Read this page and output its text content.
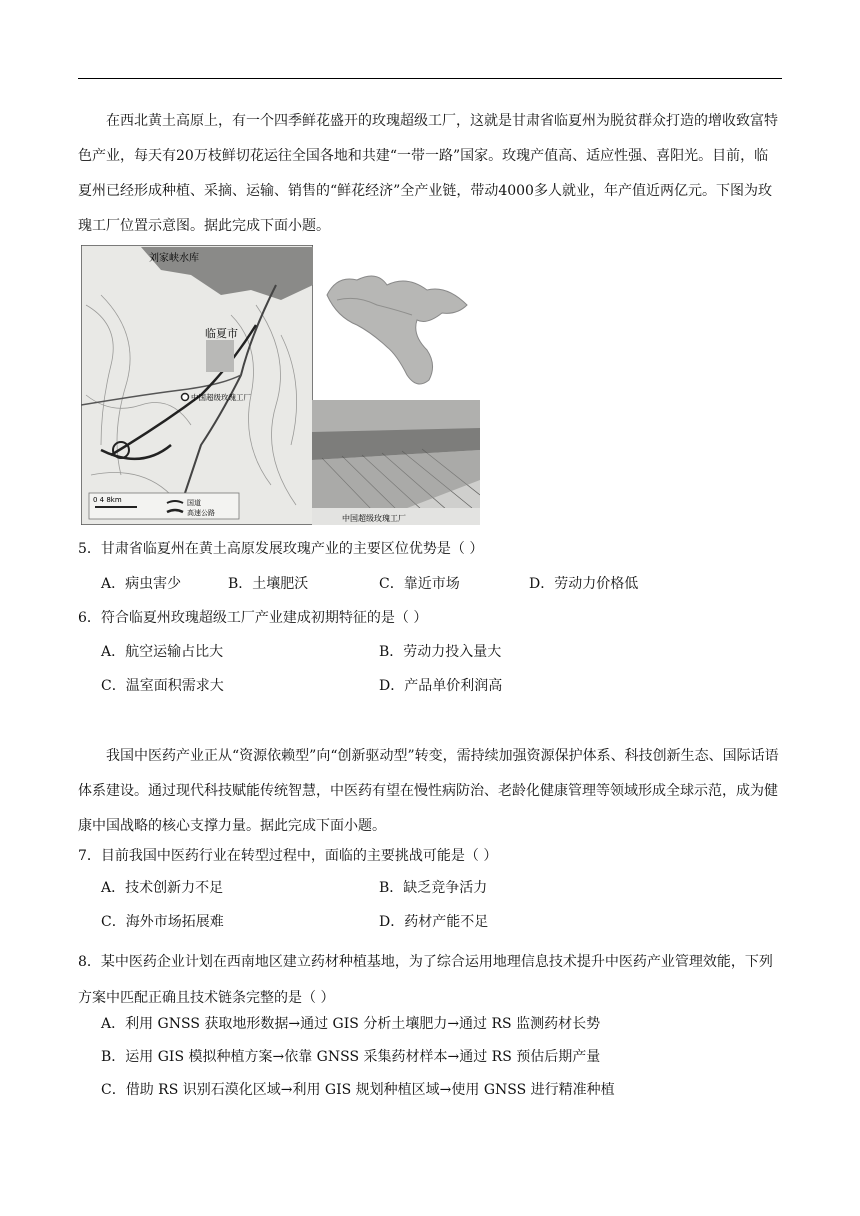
在西北黄土高原上，有一个四季鲜花盛开的玫瑰超级工厂，这就是甘肃省临夏州为脱贫群众打造的增收致富特色产业，每天有20万枝鲜切花运往全国各地和共建“一带一路”国家。玫瑰产值高、适应性强、喜阳光。目前，临夏州已经形成种植、采摘、运输、销售的“鲜花经济”全产业链，带动4000多人就业，年产值近两亿元。下图为玫瑰工厂位置示意图。据此完成下面小题。

刘家峡水库
临夏市
中国超级玫瑰工厂
0 4 8km	国道
高速公路
中国超级玫瑰工厂

5．甘肃省临夏州在黄土高原发展玫瑰产业的主要区位优势是（ ）

A．病虫害少	B．土壤肥沃	C．靠近市场	D．劳动力价格低

6．符合临夏州玫瑰超级工厂产业建成初期特征的是（ ）

A．航空运输占比大	B．劳动力投入量大
C．温室面积需求大	D．产品单价利润高

我国中医药产业正从“资源依赖型”向“创新驱动型”转变，需持续加强资源保护体系、科技创新生态、国际话语体系建设。通过现代科技赋能传统智慧，中医药有望在慢性病防治、老龄化健康管理等领域形成全球示范，成为健康中国战略的核心支撑力量。据此完成下面小题。

7．目前我国中医药行业在转型过程中，面临的主要挑战可能是（ ）

A．技术创新力不足	B．缺乏竞争活力
C．海外市场拓展难	D．药材产能不足

8．某中医药企业计划在西南地区建立药材种植基地，为了综合运用地理信息技术提升中医药产业管理效能，下列方案中匹配正确且技术链条完整的是（ ）

A．利用 GNSS 获取地形数据→通过 GIS 分析土壤肥力→通过 RS 监测药材长势
B．运用 GIS 模拟种植方案→依靠 GNSS 采集药材样本→通过 RS 预估后期产量
C．借助 RS 识别石漠化区域→利用 GIS 规划种植区域→使用 GNSS 进行精准种植
